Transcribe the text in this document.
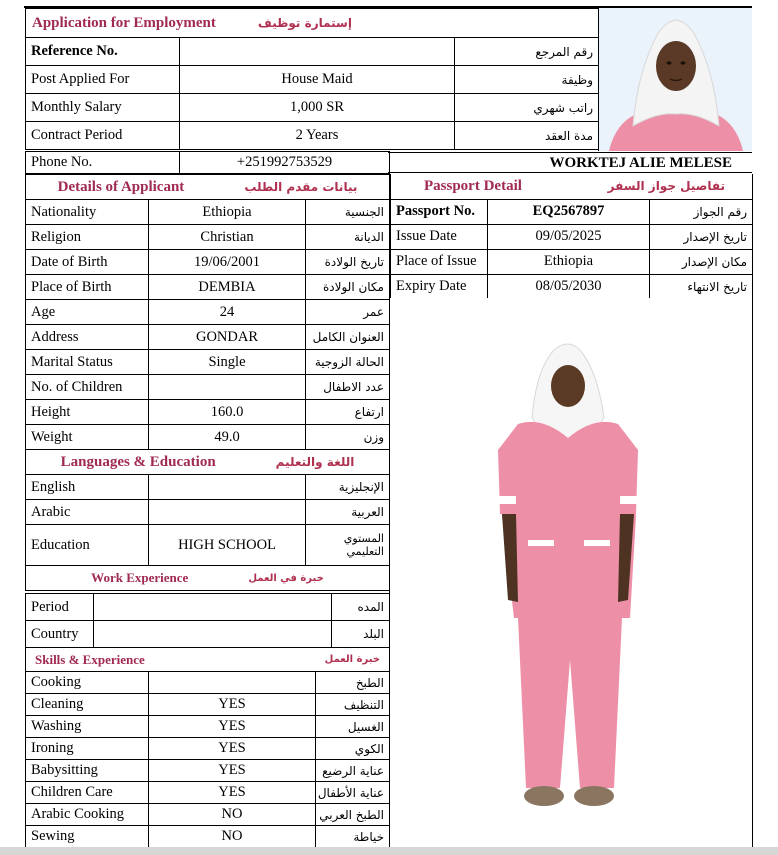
Application for Employment إستمارة توظيف		

Reference No.		رقم المرجع
Post Applied For	House Maid	وظيفة
Monthly Salary	1,000 SR	راتب شهري
Contract Period	2 Years	مدة العقد
Phone No.	+251992753529	WORKTEJ ALIE MELESE
Details of Applicant بيانات مقدم الطلب		

Nationality	Ethiopia	الجنسية
Religion	Christian	الديانة
Date of Birth	19/06/2001	تاريخ الولادة
Place of Birth	DEMBIA	مكان الولادة
Age	24	عمر
Address	GONDAR	العنوان الكامل
Marital Status	Single	الحالة الزوجية
No. of Children		عدد الاطفال
Height	160.0	ارتفاع
Weight	49.0	وزن

Languages & Education اللغة والتعليم		

English		الإنجليزية
Arabic		العربية
Education	HIGH SCHOOL	المستوي التعليمي

Work Experience خبرة في العمل		
Period		المده
Country		البلد
Skills & Experience خبرة العمل		

Cooking		الطبخ
Cleaning	YES	التنظيف
Washing	YES	الغسيل
Ironing	YES	الكوي
Babysitting	YES	عناية الرضيع
Children Care	YES	عناية الأطفال
Arabic Cooking	NO	الطبخ العربي
Sewing	NO	خياطة
Passport Detail تفاصيل جواز السفر		

Passport No.	EQ2567897	رقم الجواز
Issue Date	09/05/2025	تاريخ الإصدار
Place of Issue	Ethiopia	مكان الإصدار
Expiry Date	08/05/2030	تاريخ الانتهاء
